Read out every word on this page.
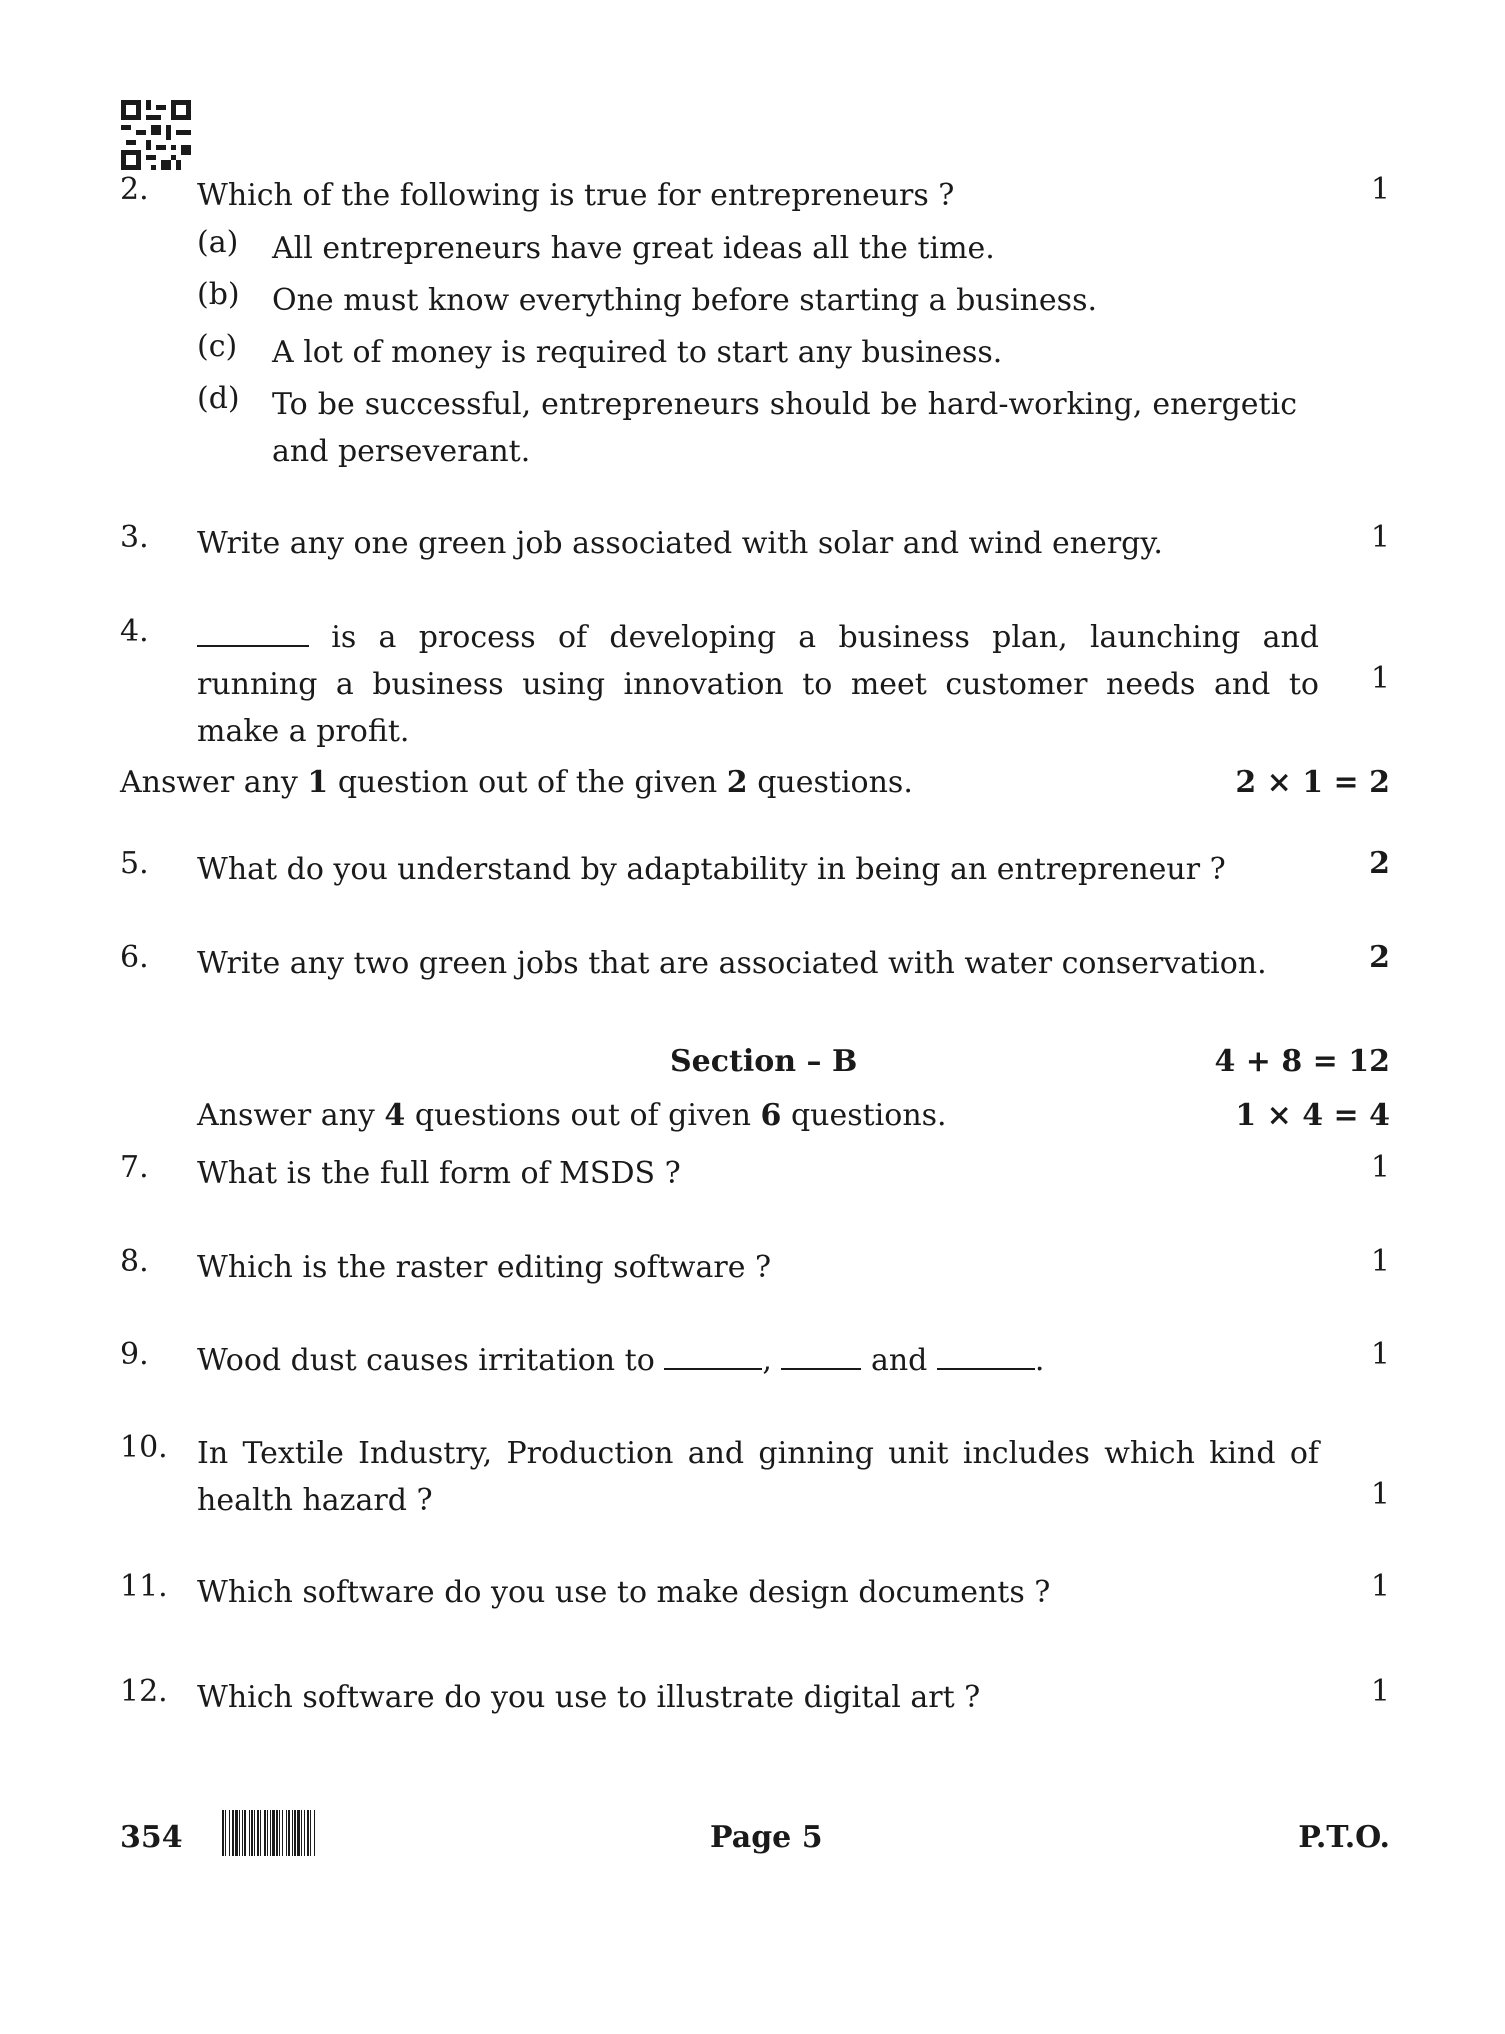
2.	Which of the following is true for entrepreneurs ?	1
(a)	All entrepreneurs have great ideas all the time.
(b)	One must know everything before starting a business.
(c)	A lot of money is required to start any business.
(d)	To be successful, entrepreneurs should be hard-working, energetic and perseverant.
3.	Write any one green job associated with solar and wind energy.	1
4.	is a process of developing a business plan, launching and running a business using innovation to meet customer needs and to make a profit.
1
Answer any 1 question out of the given 2 questions.	2 × 1 = 2
5.	What do you understand by adaptability in being an entrepreneur ?	2
6.	Write any two green jobs that are associated with water conservation.	2
Section – B	4 + 8 = 12
Answer any 4 questions out of given 6 questions.	1 × 4 = 4
7.	What is the full form of MSDS ?	1
8.	Which is the raster editing software ?	1
9.	Wood dust causes irritation to	,	and	.	1
10. In Textile Industry, Production and ginning unit includes which kind of health hazard ?	1
11. Which software do you use to make design documents ?	1
12. Which software do you use to illustrate digital art ?	1
354	Page 5	P.T.O.
